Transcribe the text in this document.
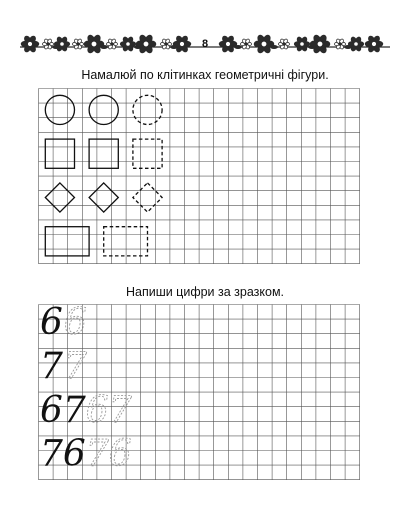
8
Намалюй по клітинках геометричні фігури.
Напиши цифри за зразком.
6 6
7 7
67 67
76 76
